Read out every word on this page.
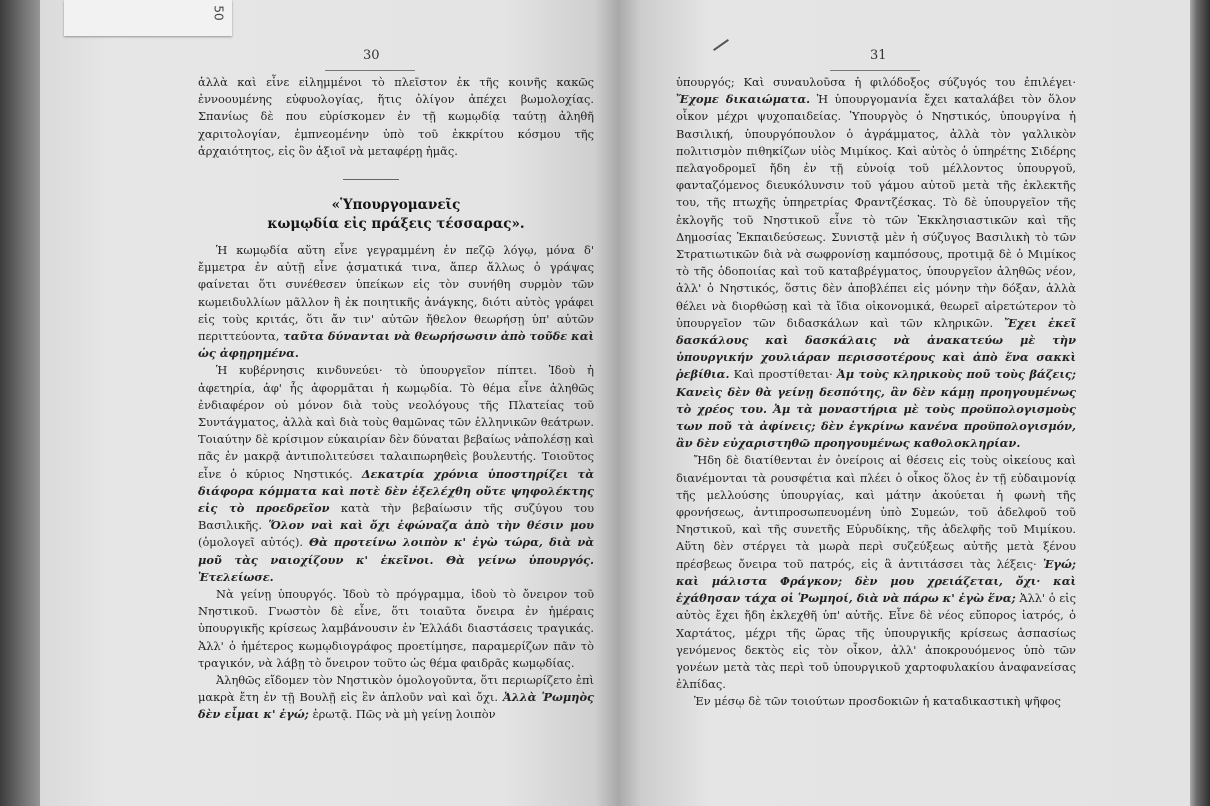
30

ἀλλὰ καὶ εἶνε εἰλημμένοι τὸ πλεῖστον ἐκ τῆς κοινῆς κακῶς ἐννοουμένης εὐφυολογίας, ἥτις ὀλίγον ἀπέχει βωμολοχίας. Σπανίως δὲ που εὑρίσκομεν ἐν τῇ κωμῳδίᾳ ταύτῃ ἀληθῆ χαριτολογίαν, ἐμπνεομένην ὑπὸ τοῦ ἐκκρίτου κόσμου τῆς ἀρχαιότητος, εἰς ὃν ἀξιοῖ νὰ μεταφέρῃ ἡμᾶς.

«Ὑπουργομανεῖς
κωμῳδία εἰς πράξεις τέσσαρας».

Ἡ κωμῳδία αὕτη εἶνε γεγραμμένη ἐν πεζῷ λόγῳ, μόνα δ' ἔμμετρα ἐν αὐτῇ εἶνε ᾀσματικά τινα, ἅπερ ἄλλως ὁ γράψας φαίνεται ὅτι συνέθεσεν ὑπείκων εἰς τὸν συνήθη συρμὸν τῶν κωμειδυλλίων μᾶλλον ἢ ἐκ ποιητικῆς ἀνάγκης, διότι αὐτὸς γράφει εἰς τοὺς κριτάς, ὅτι ἄν τιν' αὐτῶν ἤθελον θεωρήσῃ ὑπ' αὐτῶν περιττεύοντα, ταῦτα δύνανται νὰ θεωρήσωσιν ἀπὸ τοῦδε καὶ ὡς ἀφῃρημένα.

Ἡ κυβέρνησις κινδυνεύει· τὸ ὑπουργεῖον πίπτει. Ἰδοὺ ἡ ἀφετηρία, ἀφ' ἧς ἀφορμᾶται ἡ κωμῳδία. Τὸ θέμα εἶνε ἀληθῶς ἐνδιαφέρον οὐ μόνον διὰ τοὺς νεολόγους τῆς Πλατείας τοῦ Συντάγματος, ἀλλὰ καὶ διὰ τοὺς θαμῶνας τῶν ἑλληνικῶν θεάτρων. Τοιαύτην δὲ κρίσιμον εὐκαιρίαν δὲν δύναται βεβαίως νἀπολέσῃ καὶ πᾶς ἐν μακρᾷ ἀντιπολιτεύσει ταλαιπωρηθεὶς βουλευτής. Τοιοῦτος εἶνε ὁ κύριος Νηστικός. Δεκατρία χρόνια ὑποστηρίζει τὰ διάφορα κόμματα καὶ ποτὲ δὲν ἐξελέχθη οὔτε ψηφολέκτης εἰς τὸ προεδρεῖον κατὰ τὴν βεβαίωσιν τῆς συζύγου του Βασιλικῆς. Ὅλον ναὶ καὶ ὄχι ἐφώναζα ἀπὸ τὴν θέσιν μου (ὁμολογεῖ αὐτός). Θὰ προτείνω λοιπὸν κ' ἐγὼ τώρα, διὰ νὰ μοῦ τὰς ναιοχίζουν κ' ἐκεῖνοι. Θὰ γείνω ὑπουργός. Ἐτελείωσε.

Νὰ γείνῃ ὑπουργός. Ἰδοὺ τὸ πρόγραμμα, ἰδοὺ τὸ ὄνειρον τοῦ Νηστικοῦ. Γνωστὸν δὲ εἶνε, ὅτι τοιαῦτα ὄνειρα ἐν ἡμέραις ὑπουργικῆς κρίσεως λαμβάνουσιν ἐν Ἑλλάδι διαστάσεις τραγικάς. Ἀλλ' ὁ ἡμέτερος κωμῳδιογράφος προετίμησε, παραμερίζων πᾶν τὸ τραγικόν, νὰ λάβῃ τὸ ὄνειρον τοῦτο ὡς θέμα φαιδρᾶς κωμῳδίας.

Ἀληθῶς εἴδομεν τὸν Νηστικὸν ὁμολογοῦντα, ὅτι περιωρίζετο ἐπὶ μακρὰ ἔτη ἐν τῇ Βουλῇ εἰς ἓν ἁπλοῦν ναὶ καὶ ὄχι. Ἀλλὰ Ῥωμηὸς δὲν εἶμαι κ' ἐγώ; ἐρωτᾷ. Πῶς νὰ μὴ γείνῃ λοιπὸν

31

ὑπουργός; Καὶ συναυλοῦσα ἡ φιλόδοξος σύζυγός του ἐπιλέγει· Ἔχομε δικαιώματα. Ἡ ὑπουργομανία ἔχει καταλάβει τὸν ὅλον οἶκον μέχρι ψυχοπαιδείας. Ὑπουργὸς ὁ Νηστικός, ὑπουργίνα ἡ Βασιλική, ὑπουργόπουλον ὁ ἀγράμματος, ἀλλὰ τὸν γαλλικὸν πολιτισμὸν πιθηκίζων υἱὸς Μιμίκος. Καὶ αὐτὸς ὁ ὑπηρέτης Σιδέρης πελαγοδρομεῖ ἤδη ἐν τῇ εὐνοίᾳ τοῦ μέλλοντος ὑπουργοῦ, φανταζόμενος διευκόλυνσιν τοῦ γάμου αὐτοῦ μετὰ τῆς ἐκλεκτῆς του, τῆς πτωχῆς ὑπηρετρίας Φραντζέσκας. Τὸ δὲ ὑπουργεῖον τῆς ἐκλογῆς τοῦ Νηστικοῦ εἶνε τὸ τῶν Ἐκκλησιαστικῶν καὶ τῆς Δημοσίας Ἐκπαιδεύσεως. Συνιστᾷ μὲν ἡ σύζυγος Βασιλικὴ τὸ τῶν Στρατιωτικῶν διὰ νὰ σωφρονίσῃ καμπόσους, προτιμᾷ δὲ ὁ Μιμίκος τὸ τῆς ὁδοποιίας καὶ τοῦ καταβρέγματος, ὑπουργεῖον ἀληθῶς νέον, ἀλλ' ὁ Νηστικός, ὅστις δὲν ἀποβλέπει εἰς μόνην τὴν δόξαν, ἀλλὰ θέλει νὰ διορθώσῃ καὶ τὰ ἴδια οἰκονομικά, θεωρεῖ αἱρετώτερον τὸ ὑπουργεῖον τῶν διδασκάλων καὶ τῶν κληρικῶν. Ἔχει ἐκεῖ δασκάλους καὶ δασκάλαις νὰ ἀνακατεύω μὲ τὴν ὑπουργικήν χουλιάραν περισσοτέρους καὶ ἀπὸ ἕνα σακκὶ ῥεβίθια. Καὶ προστίθεται· Ἀμ τοὺς κληρικοὺς ποῦ τοὺς βάζεις; Κανεὶς δὲν θὰ γείνῃ δεσπότης, ἂν δὲν κάμῃ προηγουμένως τὸ χρέος του. Ἀμ τὰ μοναστήρια μὲ τοὺς προϋπολογισμοὺς των ποῦ τὰ ἀφίνεις; δὲν ἐγκρίνω κανένα προϋπολογισμόν, ἂν δὲν εὐχαριστηθῶ προηγουμένως καθολοκληρίαν.

Ἤδη δὲ διατίθενται ἐν ὀνείροις αἱ θέσεις εἰς τοὺς οἰκείους καὶ διανέμονται τὰ ρουσφέτια καὶ πλέει ὁ οἶκος ὅλος ἐν τῇ εὐδαιμονίᾳ τῆς μελλούσης ὑπουργίας, καὶ μάτην ἀκούεται ἡ φωνὴ τῆς φρονήσεως, ἀντιπροσωπευομένη ὑπὸ Συμεών, τοῦ ἀδελφοῦ τοῦ Νηστικοῦ, καὶ τῆς συνετῆς Εὐρυδίκης, τῆς ἀδελφῆς τοῦ Μιμίκου. Αὕτη δὲν στέργει τὰ μωρὰ περὶ συζεύξεως αὐτῆς μετὰ ξένου πρέσβεως ὄνειρα τοῦ πατρός, εἰς ἃ ἀντιτάσσει τὰς λέξεις· Ἐγώ; καὶ μάλιστα Φράγκον; δὲν μου χρειάζεται, ὄχι· καὶ ἐχάθησαν τάχα οἱ Ῥωμηοί, διὰ νὰ πάρω κ' ἐγὼ ἕνα; Ἀλλ' ὁ εἰς αὐτὸς ἔχει ἤδη ἐκλεχθῆ ὑπ' αὐτῆς. Εἶνε δὲ νέος εὔπορος ἰατρός, ὁ Χαρτάτος, μέχρι τῆς ὥρας τῆς ὑπουργικῆς κρίσεως ἀσπασίως γενόμενος δεκτὸς εἰς τὸν οἶκον, ἀλλ' ἀποκρουόμενος ὑπὸ τῶν γονέων μετὰ τὰς περὶ τοῦ ὑπουργικοῦ χαρτοφυλακίου ἀναφανείσας ἐλπίδας.

Ἐν μέσῳ δὲ τῶν τοιούτων προσδοκιῶν ἡ καταδικαστικὴ ψῆφος

50
